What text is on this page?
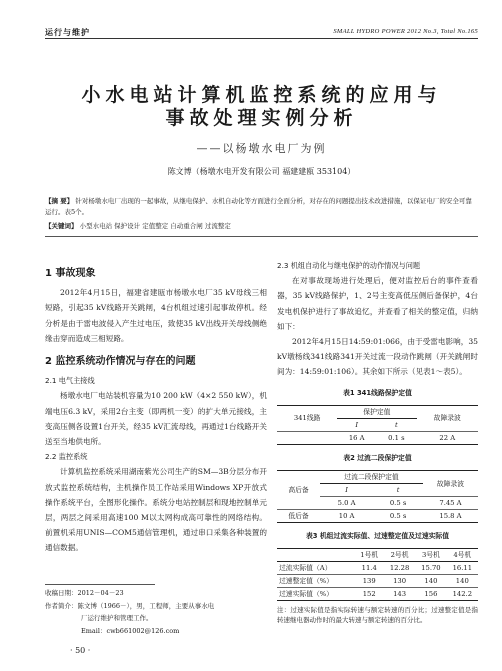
运行与维护	SMALL HYDRO POWER 2012 No.3, Total No.165
小水电站计算机监控系统的应用与
事故处理实例分析
——以杨墩水电厂为例
陈文博（杨墩水电开发有限公司 福建建瓯 353104）
【摘 要】 针对杨墩水电厂出现的一起事故，从继电保护、水机自动化等方面进行全面分析，对存在的问题提出技术改进措施，以保证电厂的安全可靠运行。表5个。
【关键词】 小型水电站 保护设计 定值整定 自动重合闸 过流整定
1 事故现象

2012年4月15日，福建省建瓯市杨墩水电厂35 kV母线三相短路，引起35 kV线路开关跳闸，4台机组过速引起事故停机。经分析是由于雷电波侵入产生过电压，致使35 kV出线开关母线侧绝缘击穿而造成三相短路。

2 监控系统动作情况与存在的问题
2.1 电气主接线

杨墩水电厂电站装机容量为10 200 kW（4×2 550 kW），机端电压6.3 kV，采用2台主变（即两机一变）的扩大单元接线，主变高压侧各设置1台开关，经35 kV汇流母线，再通过1台线路开关送至当地供电所。

2.2 监控系统

计算机监控系统采用湖南紫光公司生产的SM—3B分层分布开放式监控系统结构，主机操作员工作站采用Windows XP开放式操作系统平台，全图形化操作。系统分电站控制层和现地控制单元层，两层之间采用高速100 M以太网构成高可靠性的网络结构。前置机采用UNIS—COM5通信管理机，通过串口采集各种装置的通信数据。

收稿日期：2012－04－23
作者简介：陈文博（1966－），男，工程师，主要从事水电
厂运行维护和管理工作。
Email：cwb661002@126.com
2.3 机组自动化与继电保护的动作情况与问题

在对事故现场进行处理后，便对监控后台的事件查看器，35 kV线路保护，1、2号主变高低压侧后备保护，4台发电机保护进行了事故追忆，并查看了相关的整定值，归纳如下：

2012年4月15日14:59:01:066，由于受雷电影响，35 kV墩杨线341线路341开关过流一段动作跳闸（开关跳闸时间为：14:59:01:106）。其余如下所示（见表1～表5）。

表1 341线路保护定值
341线路	保护定值		故障录波
	I	t	
	16 A	0.1 s	22 A
表2 过流二段保护定值
高后备	过流二段保护定值		故障录波
	I	t	
	5.0 A	0.5 s	7.45 A
低后备	10 A	0.5 s	15.8 A
表3 机组过流实际值、过速整定值及过速实际值
	1号机	2号机	3号机	4号机
过流实际值（A）	11.4	12.28	15.70	16.11
过速整定值（%）	139	130	140	140
过速实际值（%）	152	143	156	142.2
注：过速实际值是指实际转速与额定转速的百分比；过速整定值是指转速继电器动作时的最大转速与额定转速的百分比。
· 50 ·
